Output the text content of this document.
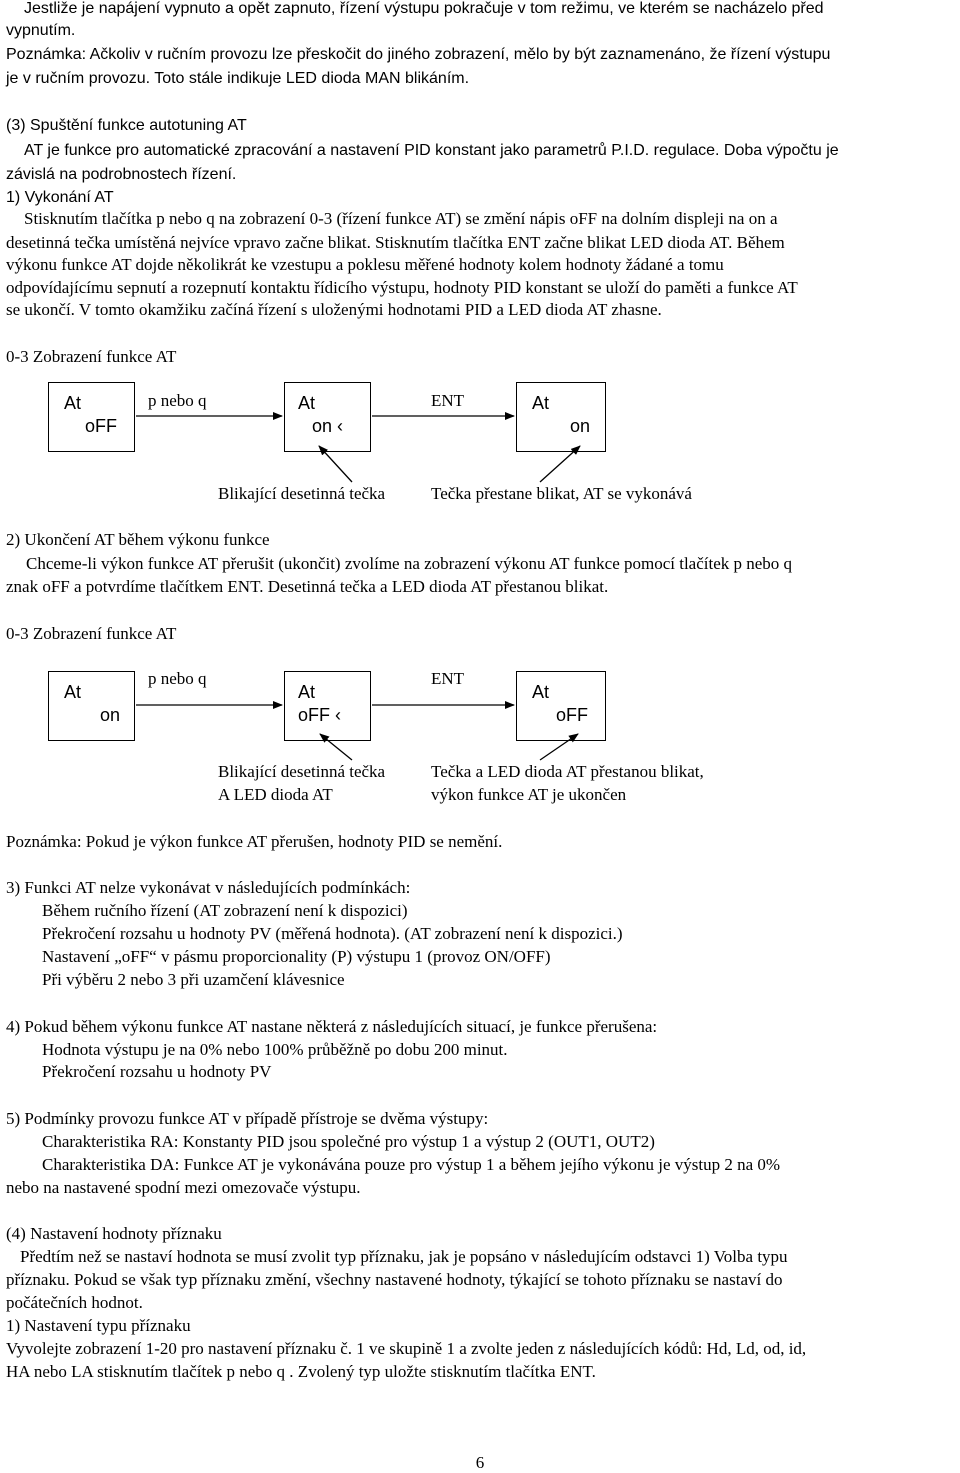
Jestliže je napájení vypnuto a opět zapnuto, řízení výstupu pokračuje v tom režimu, ve kterém se nacházelo před
vypnutím.
Poznámka: Ačkoliv v ručním provozu lze přeskočit do jiného zobrazení, mělo by být zaznamenáno, že řízení výstupu
je v ručním provozu. Toto stále indikuje LED dioda MAN blikáním.
(3) Spuštění funkce autotuning AT
AT je funkce pro automatické zpracování a nastavení PID konstant jako parametrů P.I.D. regulace. Doba výpočtu je
závislá na podrobnostech řízení.
1) Vykonání AT
Stisknutím tlačítka p nebo q na zobrazení 0-3 (řízení funkce AT) se změní nápis oFF na dolním displeji na on a
desetinná tečka umístěná nejvíce vpravo začne blikat. Stisknutím tlačítka ENT začne blikat LED dioda AT. Během
výkonu funkce AT dojde několikrát ke vzestupu a poklesu měřené hodnoty kolem hodnoty žádané a tomu
odpovídajícímu sepnutí a rozepnutí kontaktu řídicího výstupu, hodnoty PID konstant se uloží do paměti a funkce AT
se ukončí. V tomto okamžiku začíná řízení s uloženými hodnotami PID a LED dioda AT zhasne.
0-3 Zobrazení funkce AT
At
oFF
At
on ‹
At
on
p nebo q	ENT
Blikající desetinná tečka	Tečka přestane blikat, AT se vykonává
2) Ukončení AT během výkonu funkce
Chceme-li výkon funkce AT přerušit (ukončit) zvolíme na zobrazení výkonu AT funkce pomocí tlačítek p nebo q
znak oFF a potvrdíme tlačítkem ENT. Desetinná tečka a LED dioda AT přestanou blikat.
0-3 Zobrazení funkce AT
At
on
At
oFF ‹
At
oFF
p nebo q	ENT
Blikající desetinná tečka
A LED dioda AT
Tečka a LED dioda AT přestanou blikat,
výkon funkce AT je ukončen
Poznámka: Pokud je výkon funkce AT přerušen, hodnoty PID se nemění.
3) Funkci AT nelze vykonávat v následujících podmínkách:
Během ručního řízení (AT zobrazení není k dispozici)
Překročení rozsahu u hodnoty PV (měřená hodnota). (AT zobrazení není k dispozici.)
Nastavení „oFF“ v pásmu proporcionality (P) výstupu 1 (provoz ON/OFF)
Při výběru 2 nebo 3 při uzamčení klávesnice
4) Pokud během výkonu funkce AT nastane některá z následujících situací, je funkce přerušena:
Hodnota výstupu je na 0% nebo 100% průběžně po dobu 200 minut.
Překročení rozsahu u hodnoty PV
5) Podmínky provozu funkce AT v případě přístroje se dvěma výstupy:
Charakteristika RA: Konstanty PID jsou společné pro výstup 1 a výstup 2 (OUT1, OUT2)
Charakteristika DA: Funkce AT je vykonávána pouze pro výstup 1 a během jejího výkonu je výstup 2 na 0%
nebo na nastavené spodní mezi omezovače výstupu.
(4) Nastavení hodnoty příznaku
Předtím než se nastaví hodnota se musí zvolit typ příznaku, jak je popsáno v následujícím odstavci 1) Volba typu
příznaku. Pokud se však typ příznaku změní, všechny nastavené hodnoty, týkající se tohoto příznaku se nastaví do
počátečních hodnot.
1) Nastavení typu příznaku
Vyvolejte zobrazení 1-20 pro nastavení příznaku č. 1 ve skupině 1 a zvolte jeden z následujících kódů: Hd, Ld, od, id,
HA nebo LA stisknutím tlačítek p nebo q . Zvolený typ uložte stisknutím tlačítka ENT.
6
